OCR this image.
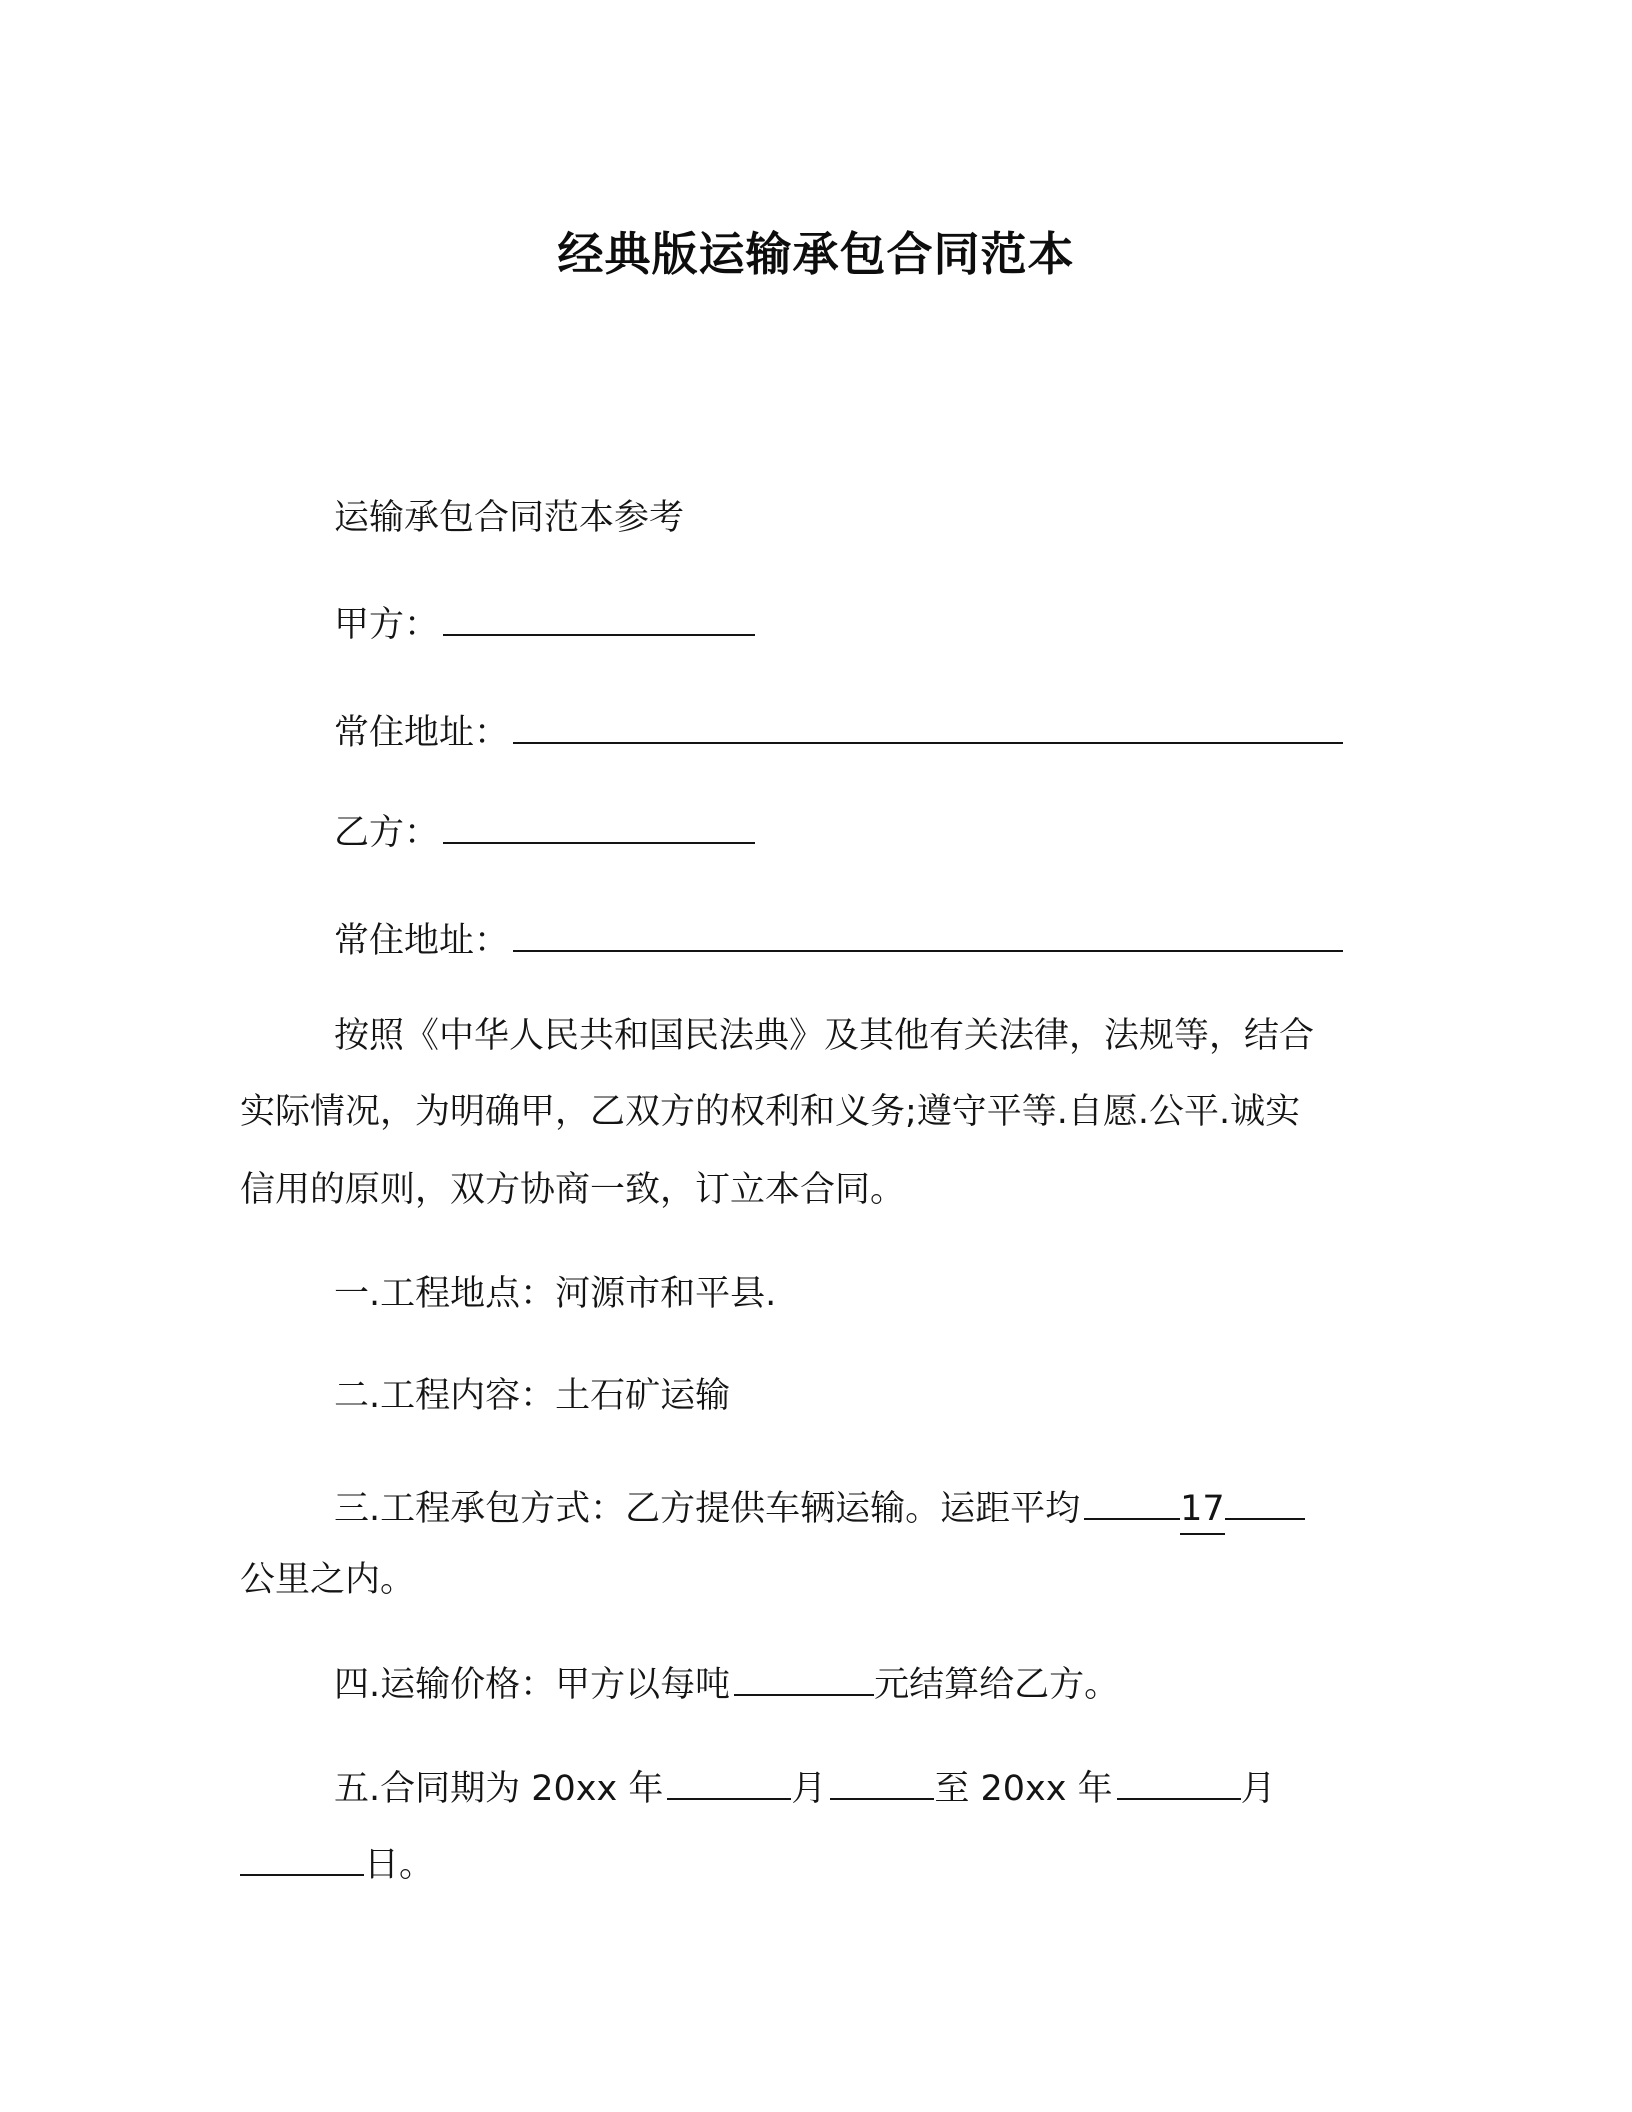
经典版运输承包合同范本
运输承包合同范本参考
甲方：
常住地址：
乙方：
常住地址：
按照《中华人民共和国民法典》及其他有关法律，法规等，结合
实际情况，为明确甲，乙双方的权利和义务;遵守平等.自愿.公平.诚实
信用的原则，双方协商一致，订立本合同。
一.工程地点：河源市和平县.
二.工程内容：土石矿运输
三.工程承包方式：乙方提供车辆运输。运距平均	17
公里之内。
四.运输价格：甲方以每吨	元结算给乙方。
五.合同期为 20xx 年	月	至 20xx 年	月
日。
